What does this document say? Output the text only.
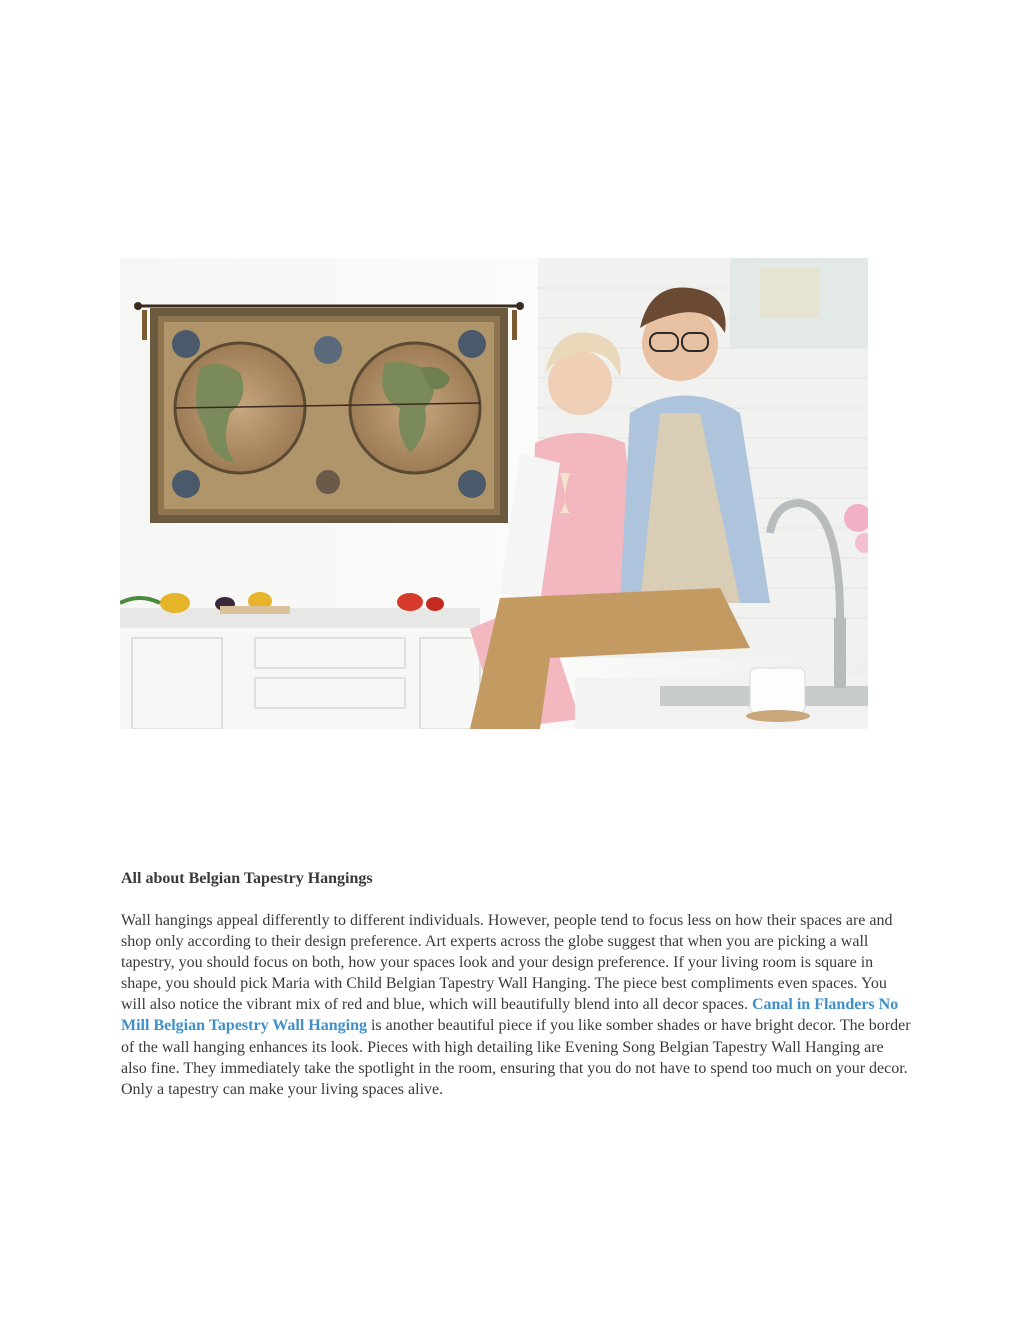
All about Belgian Tapestry Hangings

Wall hangings appeal differently to different individuals. However, people tend to focus less on how their spaces are and shop only according to their design preference. Art experts across the globe suggest that when you are picking a wall tapestry, you should focus on both, how your spaces look and your design preference. If your living room is square in shape, you should pick Maria with Child Belgian Tapestry Wall Hanging. The piece best compliments even spaces. You will also notice the vibrant mix of red and blue, which will beautifully blend into all decor spaces. Canal in Flanders No Mill Belgian Tapestry Wall Hanging is another beautiful piece if you like somber shades or have bright decor. The border of the wall hanging enhances its look. Pieces with high detailing like Evening Song Belgian Tapestry Wall Hanging are also fine. They immediately take the spotlight in the room, ensuring that you do not have to spend too much on your decor. Only a tapestry can make your living spaces alive.
